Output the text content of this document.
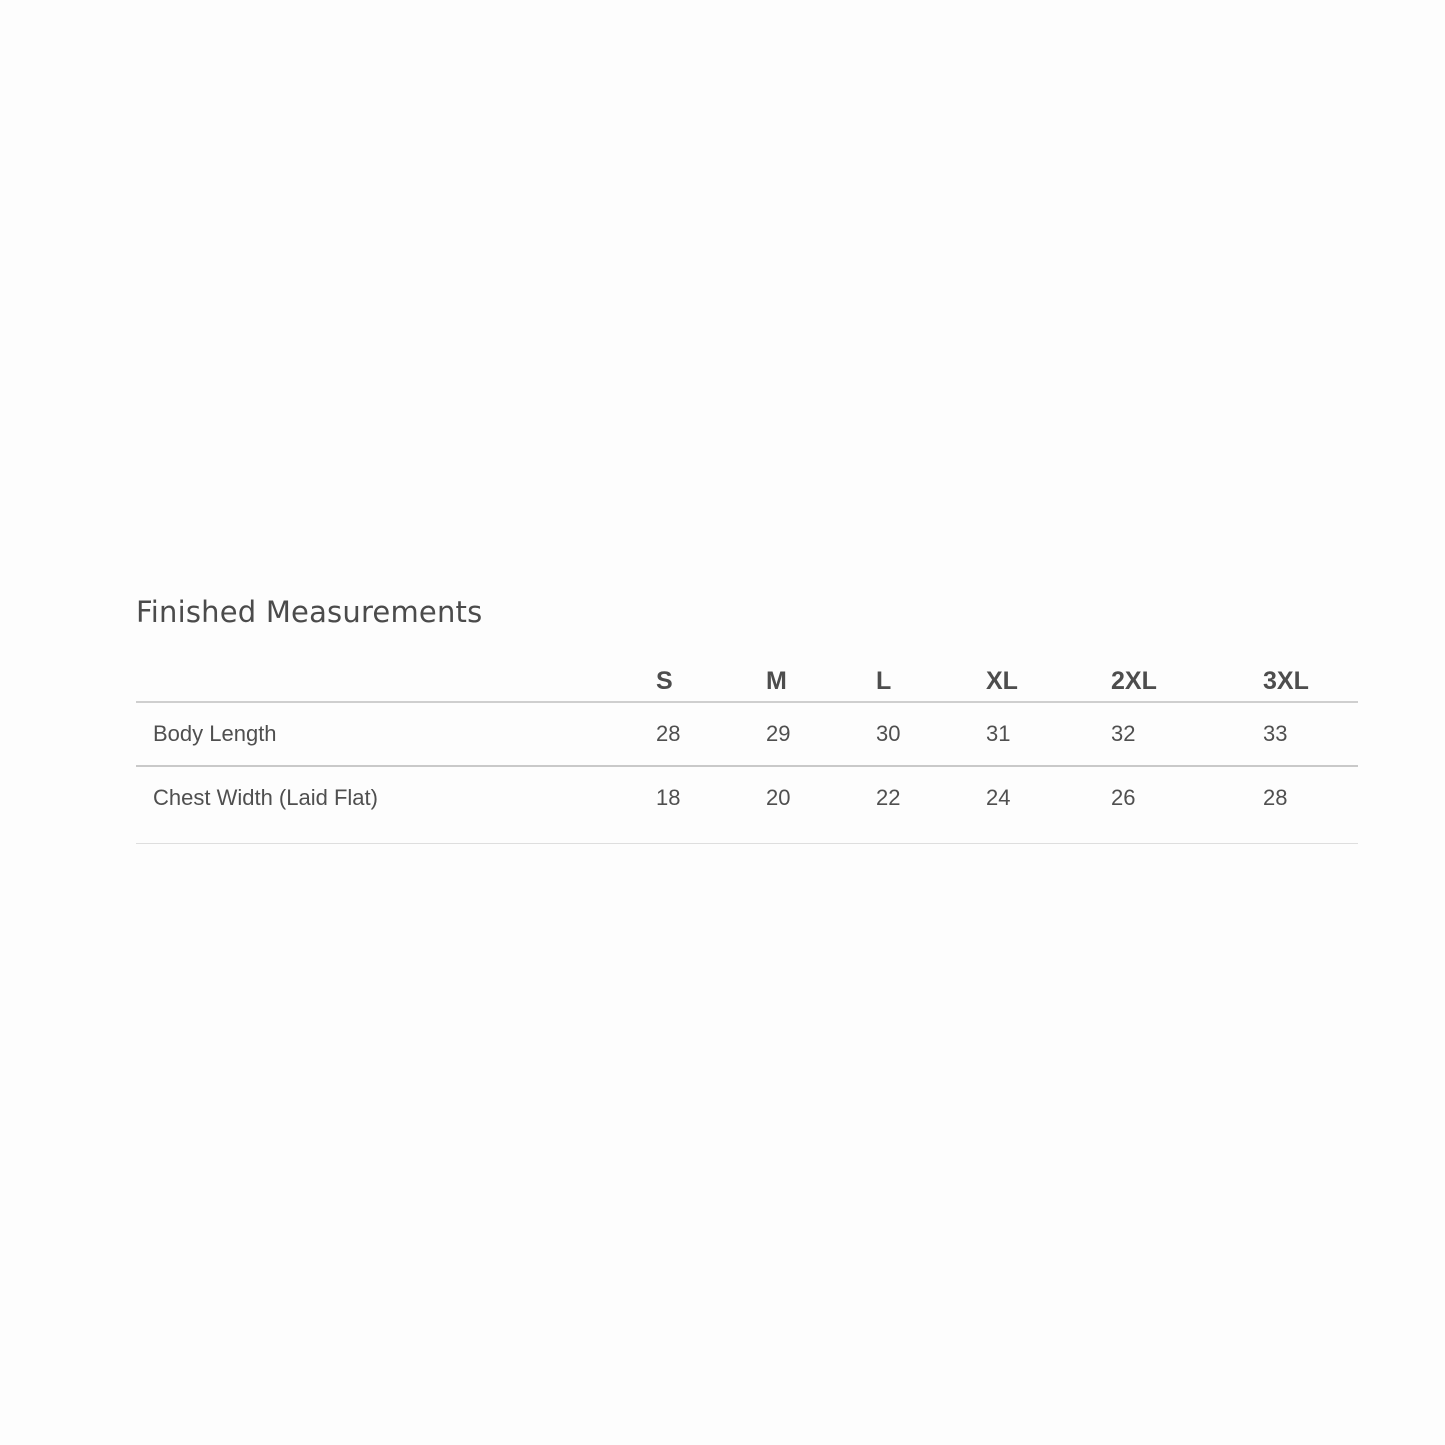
Finished Measurements
	S	M	L	XL	2XL	3XL
Body Length	28	29	30	31	32	33
Chest Width (Laid Flat)	18	20	22	24	26	28
